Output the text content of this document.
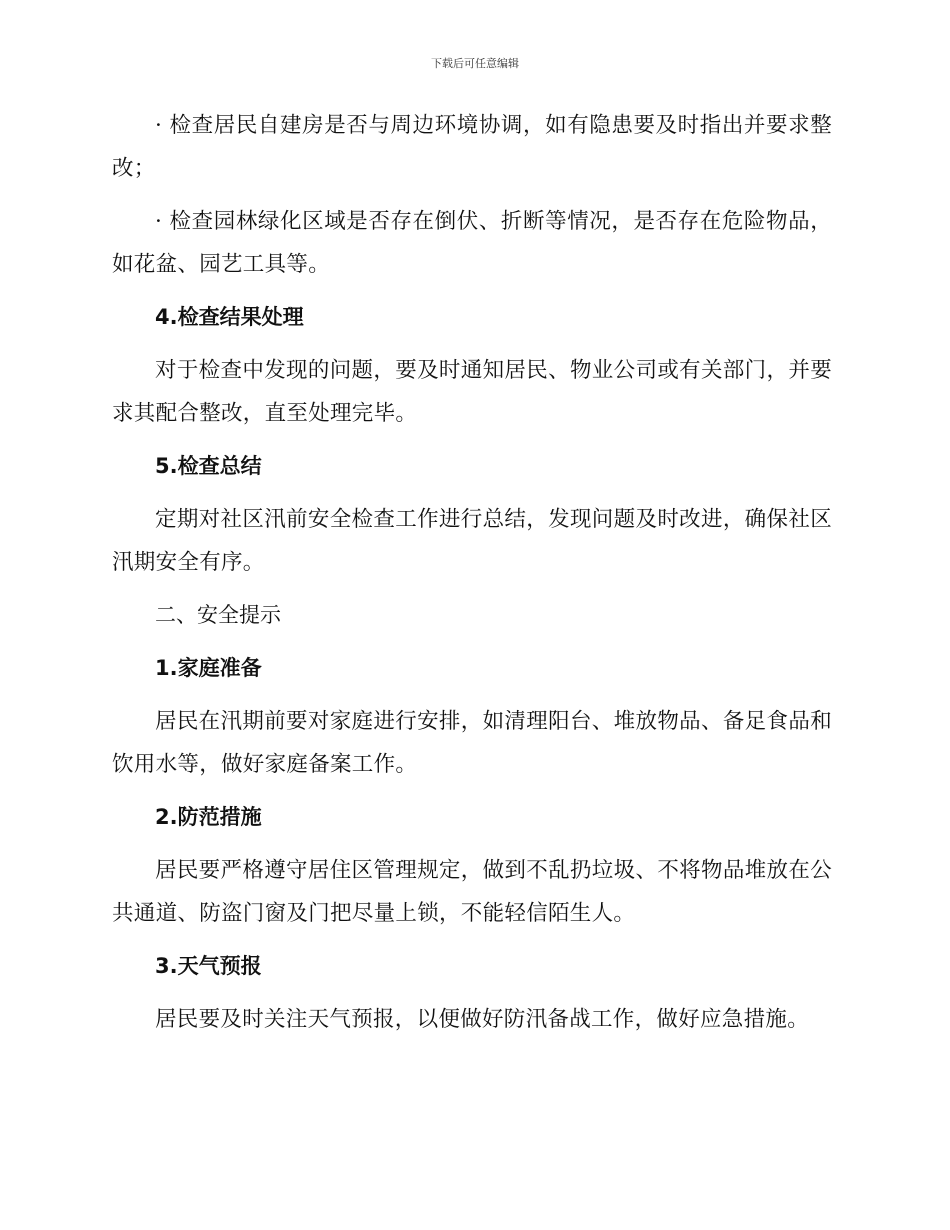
下载后可任意编辑

· 检查居民自建房是否与周边环境协调，如有隐患要及时指出并要求整改；

· 检查园林绿化区域是否存在倒伏、折断等情况，是否存在危险物品，如花盆、园艺工具等。

4.检查结果处理

对于检查中发现的问题，要及时通知居民、物业公司或有关部门，并要求其配合整改，直至处理完毕。

5.检查总结

定期对社区汛前安全检查工作进行总结，发现问题及时改进，确保社区汛期安全有序。

二、安全提示
1.家庭准备

居民在汛期前要对家庭进行安排，如清理阳台、堆放物品、备足食品和饮用水等，做好家庭备案工作。

2.防范措施

居民要严格遵守居住区管理规定，做到不乱扔垃圾、不将物品堆放在公共通道、防盗门窗及门把尽量上锁，不能轻信陌生人。

3.天气预报

居民要及时关注天气预报，以便做好防汛备战工作，做好应急措施。
